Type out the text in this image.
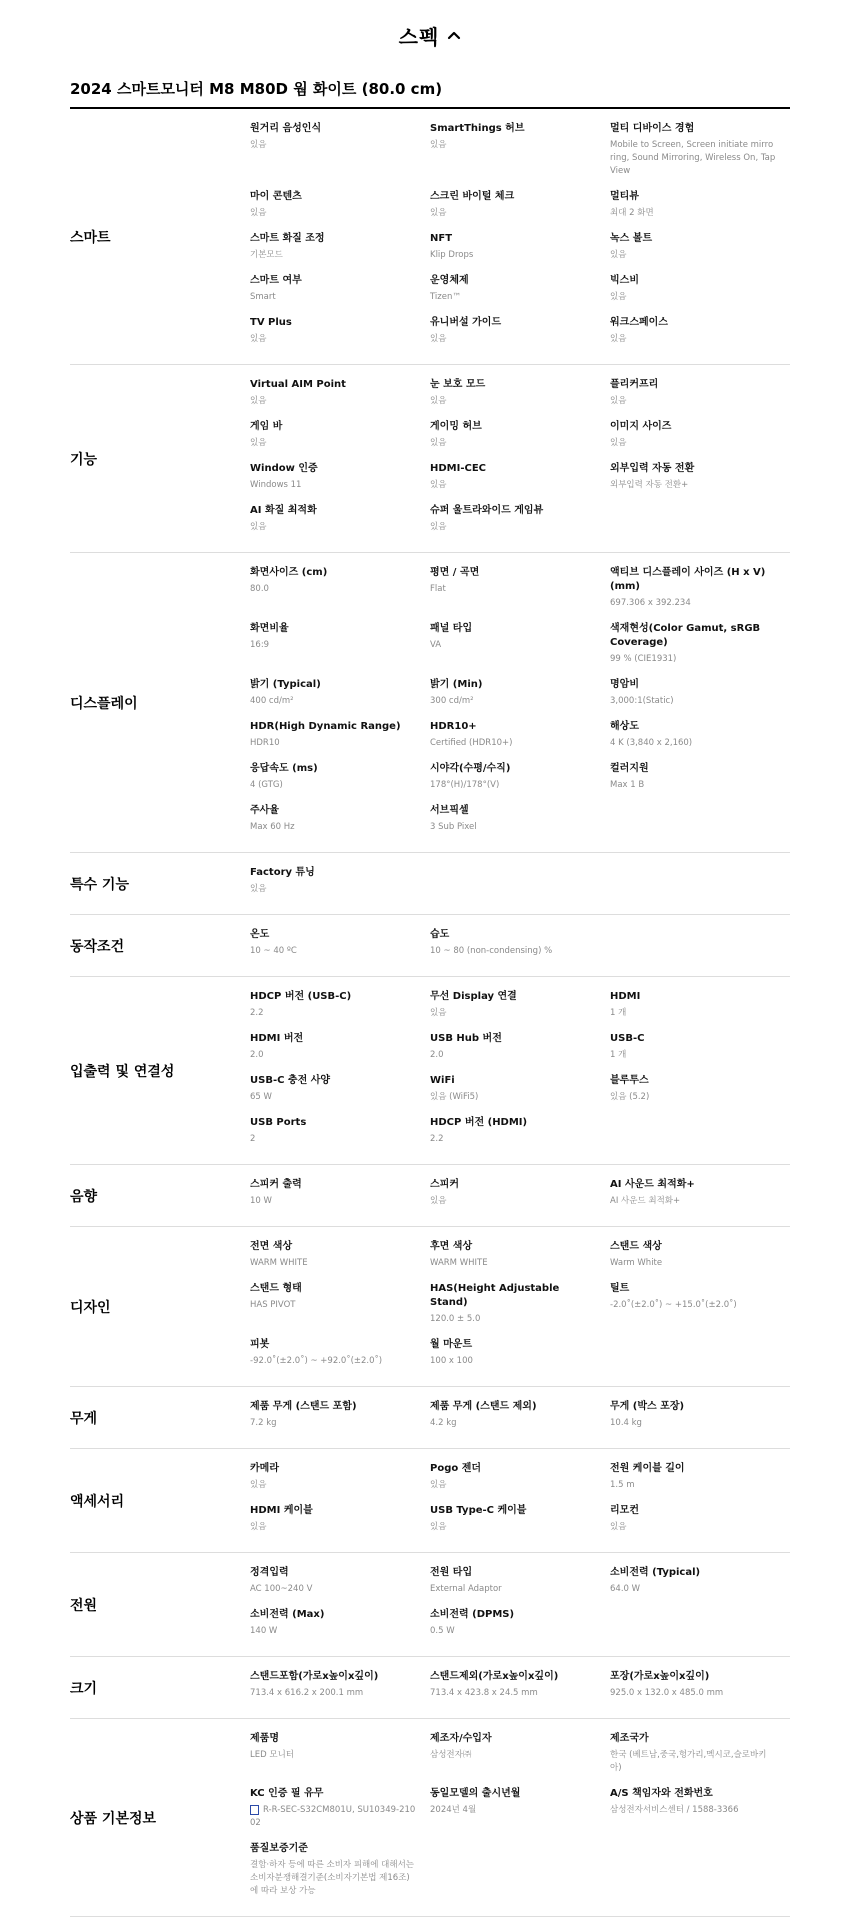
스펙
2024 스마트모니터 M8 M80D 웜 화이트 (80.0 cm)
스마트
원거리 음성인식
있음
SmartThings 허브
있음
멀티 디바이스 경험
Mobile to Screen, Screen initiate mirroring, Sound Mirroring, Wireless On, Tap View
마이 콘텐츠
있음
스크린 바이털 체크
있음
멀티뷰
최대 2 화면
스마트 화질 조정
기본모드
NFT
Klip Drops
녹스 볼트
있음
스마트 여부
Smart
운영체제
Tizen™
빅스비
있음
TV Plus
있음
유니버설 가이드
있음
워크스페이스
있음
기능
Virtual AIM Point
있음
눈 보호 모드
있음
플리커프리
있음
게임 바
있음
게이밍 허브
있음
이미지 사이즈
있음
Window 인증
Windows 11
HDMI-CEC
있음
외부입력 자동 전환
외부입력 자동 전환+
AI 화질 최적화
있음
슈퍼 울트라와이드 게임뷰
있음
디스플레이
화면사이즈 (cm)
80.0
평면 / 곡면
Flat
액티브 디스플레이 사이즈 (H x V) (mm)
697.306 x 392.234
화면비율
16:9
패널 타입
VA
색재현성(Color Gamut, sRGB Coverage)
99 % (CIE1931)
밝기 (Typical)
400 cd/m²
밝기 (Min)
300 cd/m²
명암비
3,000:1(Static)
HDR(High Dynamic Range)
HDR10
HDR10+
Certified (HDR10+)
해상도
4 K (3,840 x 2,160)
응답속도 (ms)
4 (GTG)
시야각(수평/수직)
178°(H)/178°(V)
컬러지원
Max 1 B
주사율
Max 60 Hz
서브픽셀
3 Sub Pixel
특수 기능
Factory 튜닝
있음
동작조건
온도
10 ~ 40 ºC
습도
10 ~ 80 (non-condensing) %
입출력 및 연결성
HDCP 버전 (USB-C)
2.2
무선 Display 연결
있음
HDMI
1 개
HDMI 버전
2.0
USB Hub 버전
2.0
USB-C
1 개
USB-C 충전 사양
65 W
WiFi
있음 (WiFi5)
블루투스
있음 (5.2)
USB Ports
2
HDCP 버전 (HDMI)
2.2
음향
스피커 출력
10 W
스피커
있음
AI 사운드 최적화+
AI 사운드 최적화+
디자인
전면 색상
WARM WHITE
후면 색상
WARM WHITE
스탠드 색상
Warm White
스탠드 형태
HAS PIVOT
HAS(Height Adjustable Stand)
120.0 ± 5.0
틸트
-2.0˚(±2.0˚) ~ +15.0˚(±2.0˚)
피봇
-92.0˚(±2.0˚) ~ +92.0˚(±2.0˚)
월 마운트
100 x 100
무게
제품 무게 (스탠드 포함)
7.2 kg
제품 무게 (스탠드 제외)
4.2 kg
무게 (박스 포장)
10.4 kg
액세서리
카메라
있음
Pogo 젠더
있음
전원 케이블 길이
1.5 m
HDMI 케이블
있음
USB Type-C 케이블
있음
리모컨
있음
전원
정격입력
AC 100~240 V
전원 타입
External Adaptor
소비전력 (Typical)
64.0 W
소비전력 (Max)
140 W
소비전력 (DPMS)
0.5 W
크기
스탠드포함(가로x높이x깊이)
713.4 x 616.2 x 200.1 mm
스탠드제외(가로x높이x깊이)
713.4 x 423.8 x 24.5 mm
포장(가로x높이x깊이)
925.0 x 132.0 x 485.0 mm
상품 기본정보
제품명
LED 모니터
제조자/수입자
삼성전자㈜
제조국가
한국 (베트남,중국,헝가리,멕시코,슬로바키아)
KC 인증 필 유무
R-R-SEC-S32CM801U, SU10349-21002
동일모델의 출시년월
2024년 4월
A/S 책임자와 전화번호
삼성전자서비스센터 / 1588-3366
품질보증기준
결함·하자 등에 따른 소비자 피해에 대해서는 소비자분쟁해결기준(소비자기본법 제16조)에 따라 보상 가능
